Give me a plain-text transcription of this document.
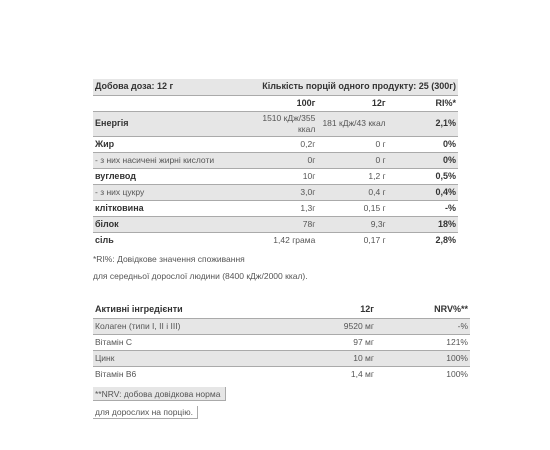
Добова доза: 12 г	Кількість порцій одного продукту: 25 (300г)		
	100г	12г	RI%*
Енергія	1510 кДж/355 ккал	181 кДж/43 ккал	2,1%
Жир	0,2г	0 г	0%
- з них насичені жирні кислоти	0г	0 г	0%
вуглевод	10г	1,2 г	0,5%
- з них цукру	3,0г	0,4 г	0,4%
клітковина	1,3г	0,15 г	-%
білок	78г	9,3г	18%
сіль	1,42 грама	0,17 г	2,8%
*RI%: Довідкове значення споживання
для середньої дорослої людини (8400 кДж/2000 ккал).
Активні інгредієнти	12г	NRV%**
Колаген (типи I, II і III)	9520 мг	-%
Вітамін С	97 мг	121%
Цинк	10 мг	100%
Вітамін В6	1,4 мг	100%
**NRV: добова довідкова норма
для дорослих на порцію.
